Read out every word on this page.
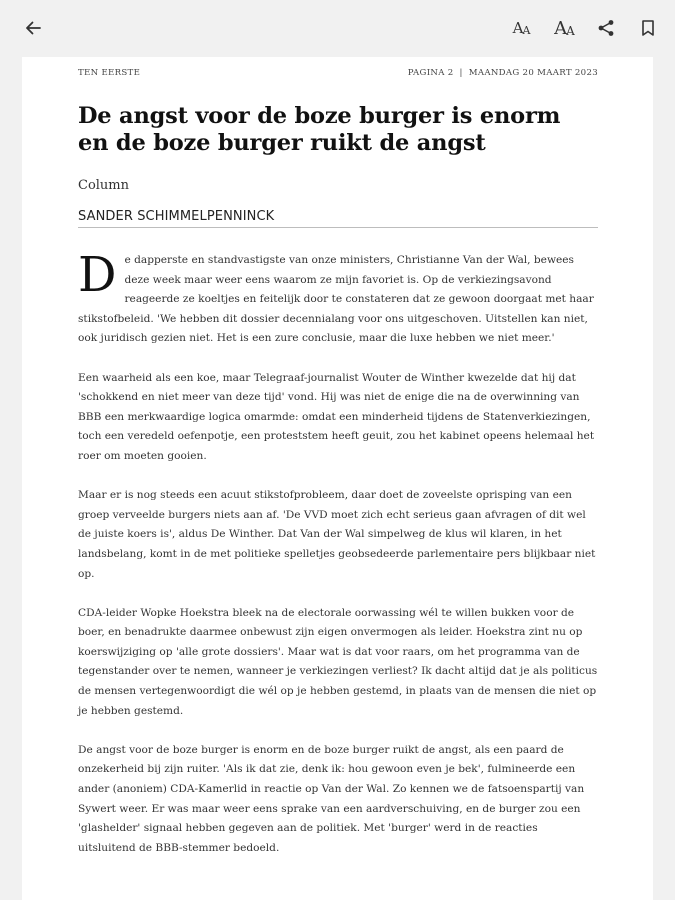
A A A A
TEN EERSTE	PAGINA 2 | MAANDAG 20 MAART 2023
De angst voor de boze burger is enorm en de boze burger ruikt de angst
Column
SANDER SCHIMMELPENNINCK

De dapperste en standvastigste van onze ministers, Christianne Van der Wal, bewees deze week maar weer eens waarom ze mijn favoriet is. Op de verkiezingsavond reageerde ze koeltjes en feitelijk door te constateren dat ze gewoon doorgaat met haar stikstofbeleid. 'We hebben dit dossier decennialang voor ons uitgeschoven. Uitstellen kan niet, ook juridisch gezien niet. Het is een zure conclusie, maar die luxe hebben we niet meer.'

Een waarheid als een koe, maar Telegraaf-journalist Wouter de Winther kwezelde dat hij dat 'schokkend en niet meer van deze tijd' vond. Hij was niet de enige die na de overwinning van BBB een merkwaardige logica omarmde: omdat een minderheid tijdens de Statenverkiezingen, toch een veredeld oefenpotje, een proteststem heeft geuit, zou het kabinet opeens helemaal het roer om moeten gooien.

Maar er is nog steeds een acuut stikstofprobleem, daar doet de zoveelste oprisping van een groep verveelde burgers niets aan af. 'De VVD moet zich echt serieus gaan afvragen of dit wel de juiste koers is', aldus De Winther. Dat Van der Wal simpelweg de klus wil klaren, in het landsbelang, komt in de met politieke spelletjes geobsedeerde parlementaire pers blijkbaar niet op.

CDA-leider Wopke Hoekstra bleek na de electorale oorwassing wél te willen bukken voor de boer, en benadrukte daarmee onbewust zijn eigen onvermogen als leider. Hoekstra zint nu op koerswijziging op 'alle grote dossiers'. Maar wat is dat voor raars, om het programma van de tegenstander over te nemen, wanneer je verkiezingen verliest? Ik dacht altijd dat je als politicus de mensen vertegenwoordigt die wél op je hebben gestemd, in plaats van de mensen die niet op je hebben gestemd.

De angst voor de boze burger is enorm en de boze burger ruikt de angst, als een paard de onzekerheid bij zijn ruiter. 'Als ik dat zie, denk ik: hou gewoon even je bek', fulmineerde een ander (anoniem) CDA-Kamerlid in reactie op Van der Wal. Zo kennen we de fatsoenspartij van Sywert weer. Er was maar weer eens sprake van een aardverschuiving, en de burger zou een 'glashelder' signaal hebben gegeven aan de politiek. Met 'burger' werd in de reacties uitsluitend de BBB-stemmer bedoeld.
